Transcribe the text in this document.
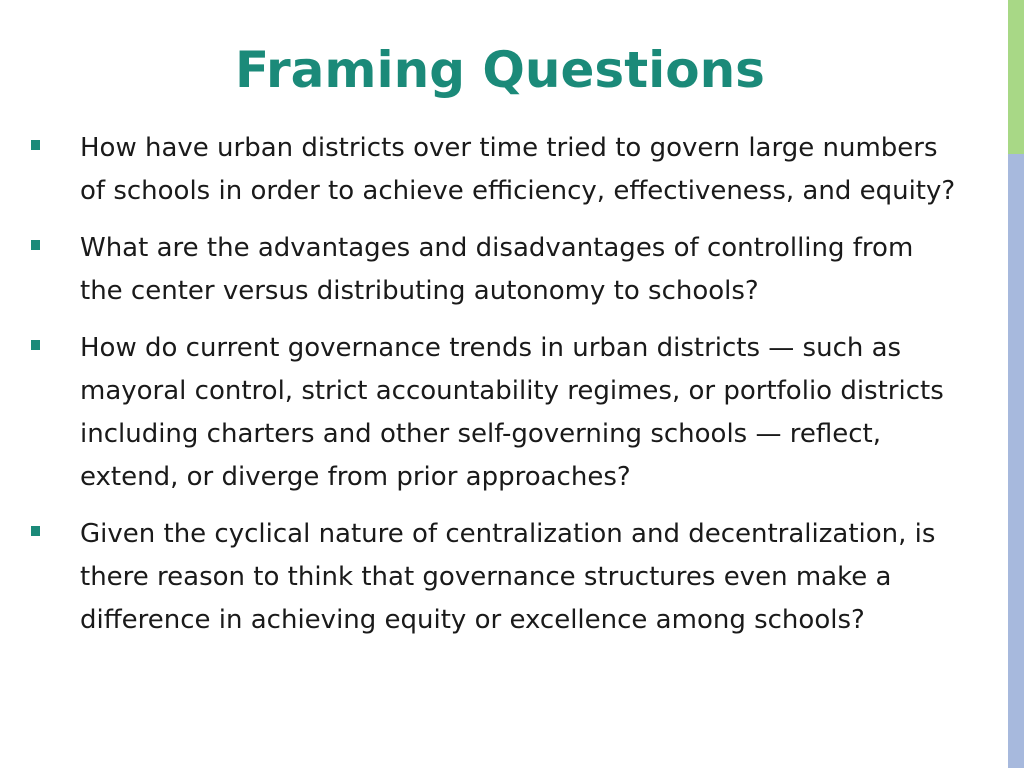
Framing Questions
How have urban districts over time tried to govern large numbers of schools in order to achieve efficiency, effectiveness, and equity?
What are the advantages and disadvantages of controlling from the center versus distributing autonomy to schools?
How do current governance trends in urban districts — such as mayoral control, strict accountability regimes, or portfolio districts including charters and other self-governing schools — reflect, extend, or diverge from prior approaches?
Given the cyclical nature of centralization and decentralization, is there reason to think that governance structures even make a difference in achieving equity or excellence among schools?
